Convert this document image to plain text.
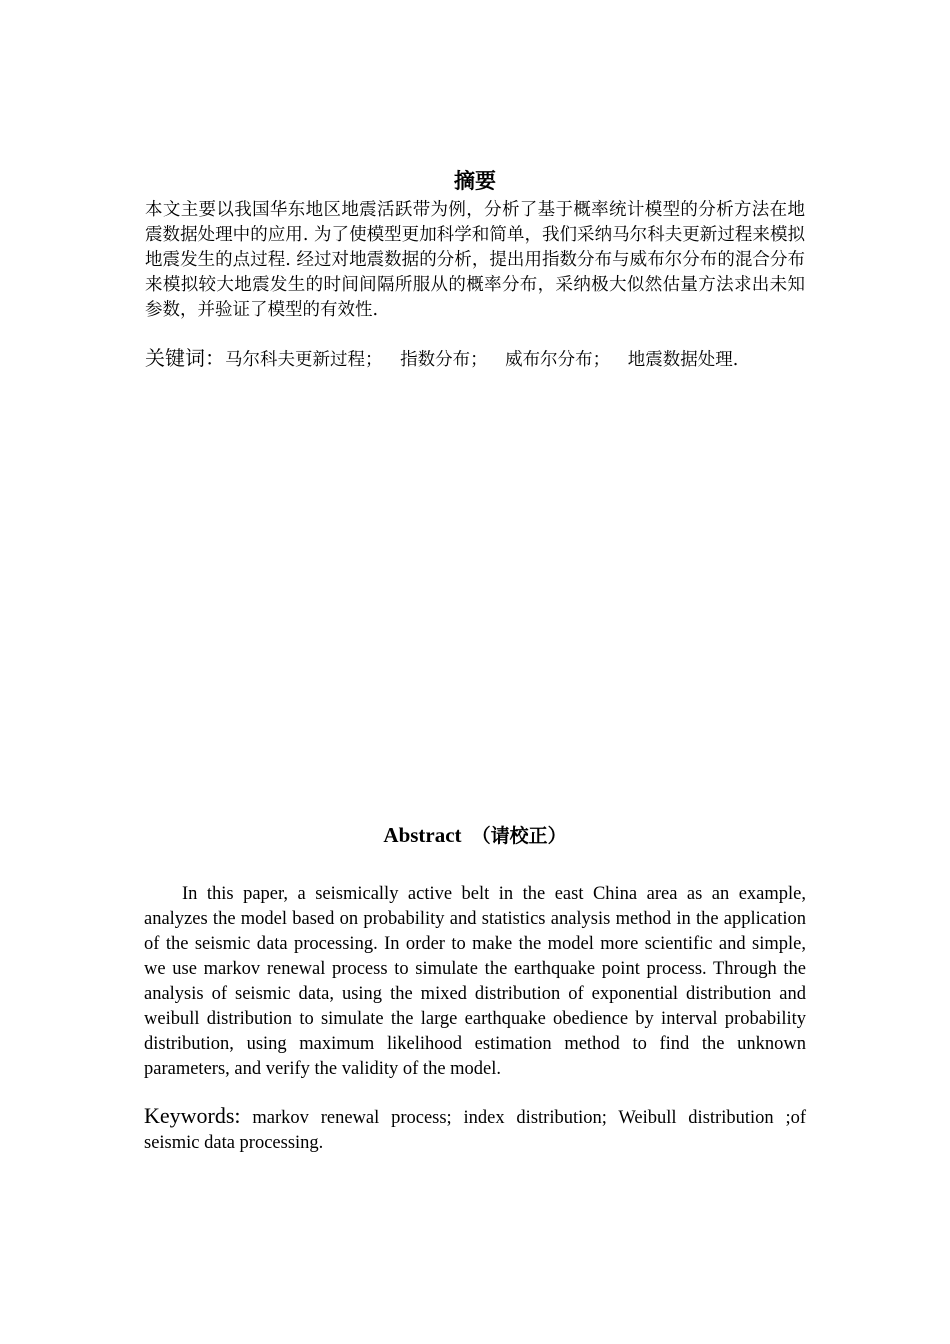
摘要

本文主要以我国华东地区地震活跃带为例，分析了基于概率统计模型的分析方法在地震数据处理中的应用. 为了使模型更加科学和简单，我们采纳马尔科夫更新过程来模拟地震发生的点过程. 经过对地震数据的分析，提出用指数分布与威布尔分布的混合分布来模拟较大地震发生的时间间隔所服从的概率分布，采纳极大似然估量方法求出未知参数，并验证了模型的有效性.

关键词：马尔科夫更新过程； 指数分布； 威布尔分布； 地震数据处理.
Abstract （请校正）

In this paper, a seismically active belt in the east China area as an example, analyzes the model based on probability and statistics analysis method in the application of the seismic data processing. In order to make the model more scientific and simple, we use markov renewal process to simulate the earthquake point process. Through the analysis of seismic data, using the mixed distribution of exponential distribution and weibull distribution to simulate the large earthquake obedience by interval probability distribution, using maximum likelihood estimation method to find the unknown parameters, and verify the validity of the model.

Keywords: markov renewal process; index distribution; Weibull distribution ;of seismic data processing.
